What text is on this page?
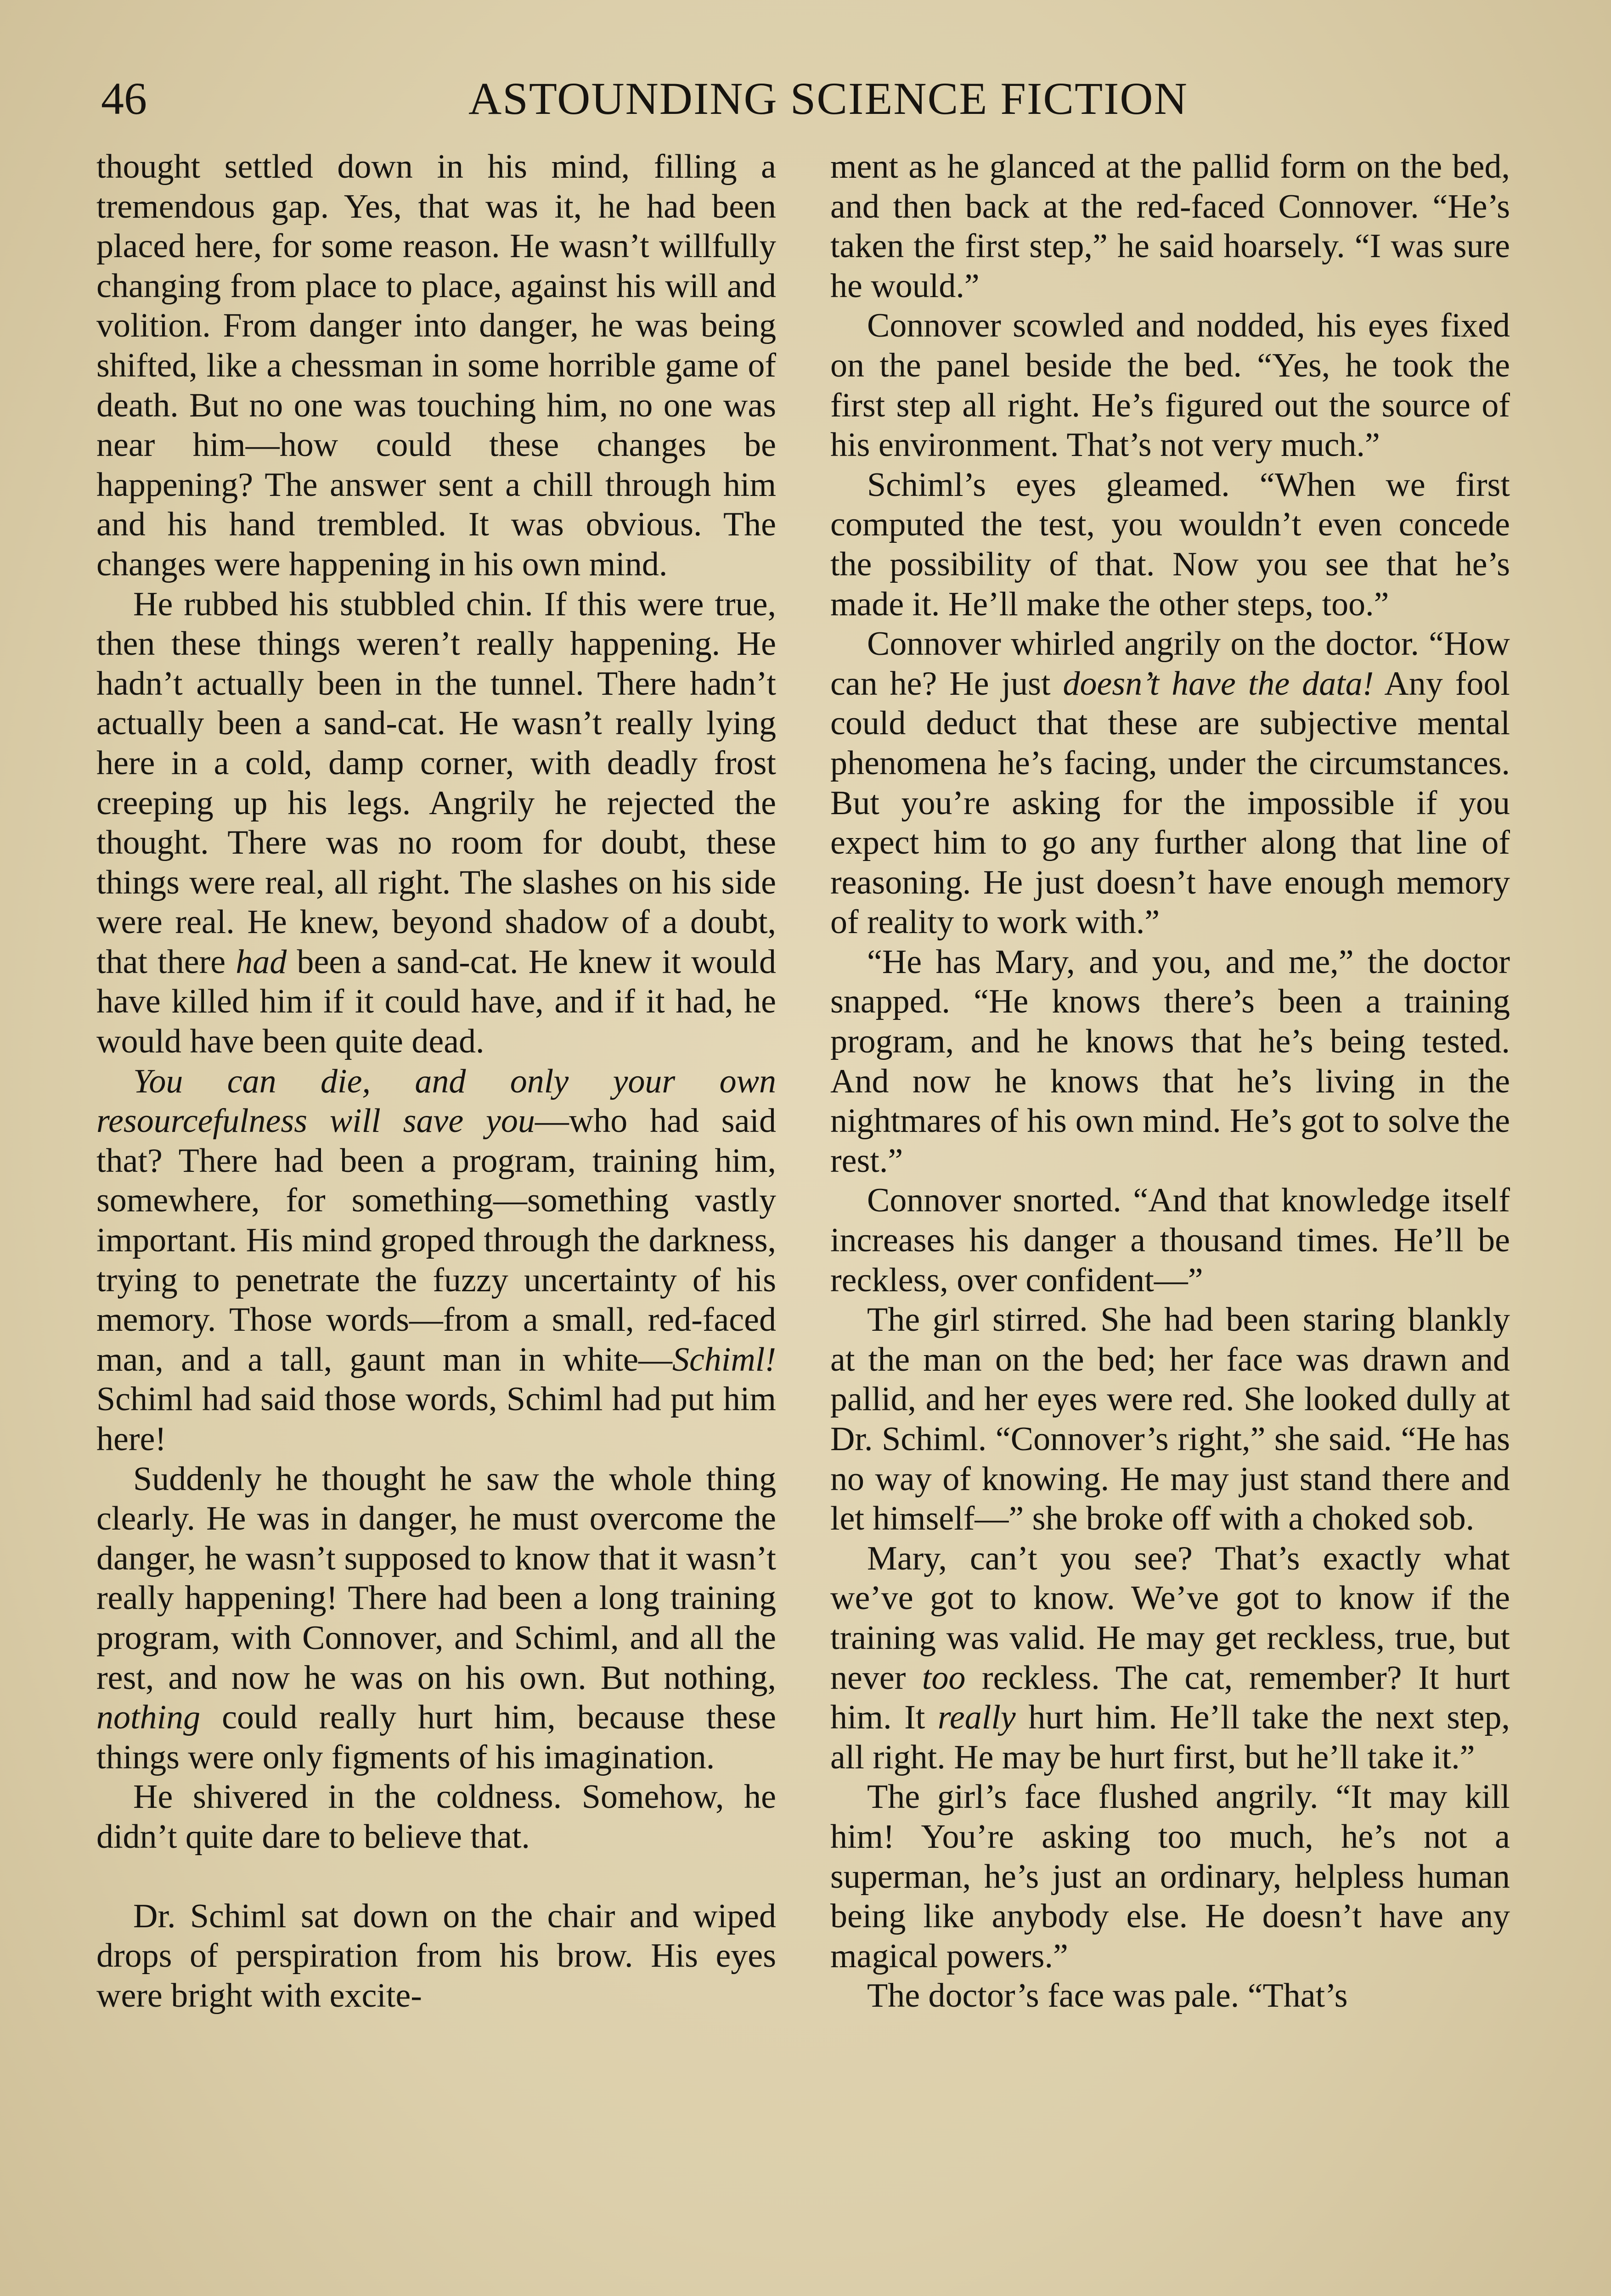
46	ASTOUNDING SCIENCE FICTION

thought settled down in his mind, filling a tremendous gap. Yes, that was it, he had been placed here, for some reason. He wasn’t willfully changing from place to place, against his will and volition. From danger into danger, he was being shifted, like a chessman in some horrible game of death. But no one was touching him, no one was near him—how could these changes be happening? The answer sent a chill through him and his hand trembled. It was obvious. The changes were happening in his own mind.

He rubbed his stubbled chin. If this were true, then these things weren’t really happening. He hadn’t actually been in the tunnel. There hadn’t actually been a sand-cat. He wasn’t really lying here in a cold, damp corner, with deadly frost creeping up his legs. Angrily he rejected the thought. There was no room for doubt, these things were real, all right. The slashes on his side were real. He knew, beyond shadow of a doubt, that there had been a sand-cat. He knew it would have killed him if it could have, and if it had, he would have been quite dead.

You can die, and only your own resourcefulness will save you—who had said that? There had been a program, training him, somewhere, for something—something vastly important. His mind groped through the darkness, trying to penetrate the fuzzy uncertainty of his memory. Those words—from a small, red-faced man, and a tall, gaunt man in white—Schiml! Schiml had said those words, Schiml had put him here!

Suddenly he thought he saw the whole thing clearly. He was in danger, he must overcome the danger, he wasn’t supposed to know that it wasn’t really happening! There had been a long training program, with Connover, and Schiml, and all the rest, and now he was on his own. But nothing, nothing could really hurt him, because these things were only figments of his imagination.

He shivered in the coldness. Somehow, he didn’t quite dare to believe that.

Dr. Schiml sat down on the chair and wiped drops of perspiration from his brow. His eyes were bright with excite-

ment as he glanced at the pallid form on the bed, and then back at the red-faced Connover. “He’s taken the first step,” he said hoarsely. “I was sure he would.”

Connover scowled and nodded, his eyes fixed on the panel beside the bed. “Yes, he took the first step all right. He’s figured out the source of his environment. That’s not very much.”

Schiml’s eyes gleamed. “When we first computed the test, you wouldn’t even concede the possibility of that. Now you see that he’s made it. He’ll make the other steps, too.”

Connover whirled angrily on the doctor. “How can he? He just doesn’t have the data! Any fool could deduct that these are subjective mental phenomena he’s facing, under the circumstances. But you’re asking for the impossible if you expect him to go any further along that line of reasoning. He just doesn’t have enough memory of reality to work with.”

“He has Mary, and you, and me,” the doctor snapped. “He knows there’s been a training program, and he knows that he’s being tested. And now he knows that he’s living in the nightmares of his own mind. He’s got to solve the rest.”

Connover snorted. “And that knowledge itself increases his danger a thousand times. He’ll be reckless, over confident—”

The girl stirred. She had been staring blankly at the man on the bed; her face was drawn and pallid, and her eyes were red. She looked dully at Dr. Schiml. “Connover’s right,” she said. “He has no way of knowing. He may just stand there and let himself—” she broke off with a choked sob.

Mary, can’t you see? That’s exactly what we’ve got to know. We’ve got to know if the training was valid. He may get reckless, true, but never too reckless. The cat, remember? It hurt him. It really hurt him. He’ll take the next step, all right. He may be hurt first, but he’ll take it.”

The girl’s face flushed angrily. “It may kill him! You’re asking too much, he’s not a superman, he’s just an ordinary, helpless human being like anybody else. He doesn’t have any magical powers.”

The doctor’s face was pale. “That’s
